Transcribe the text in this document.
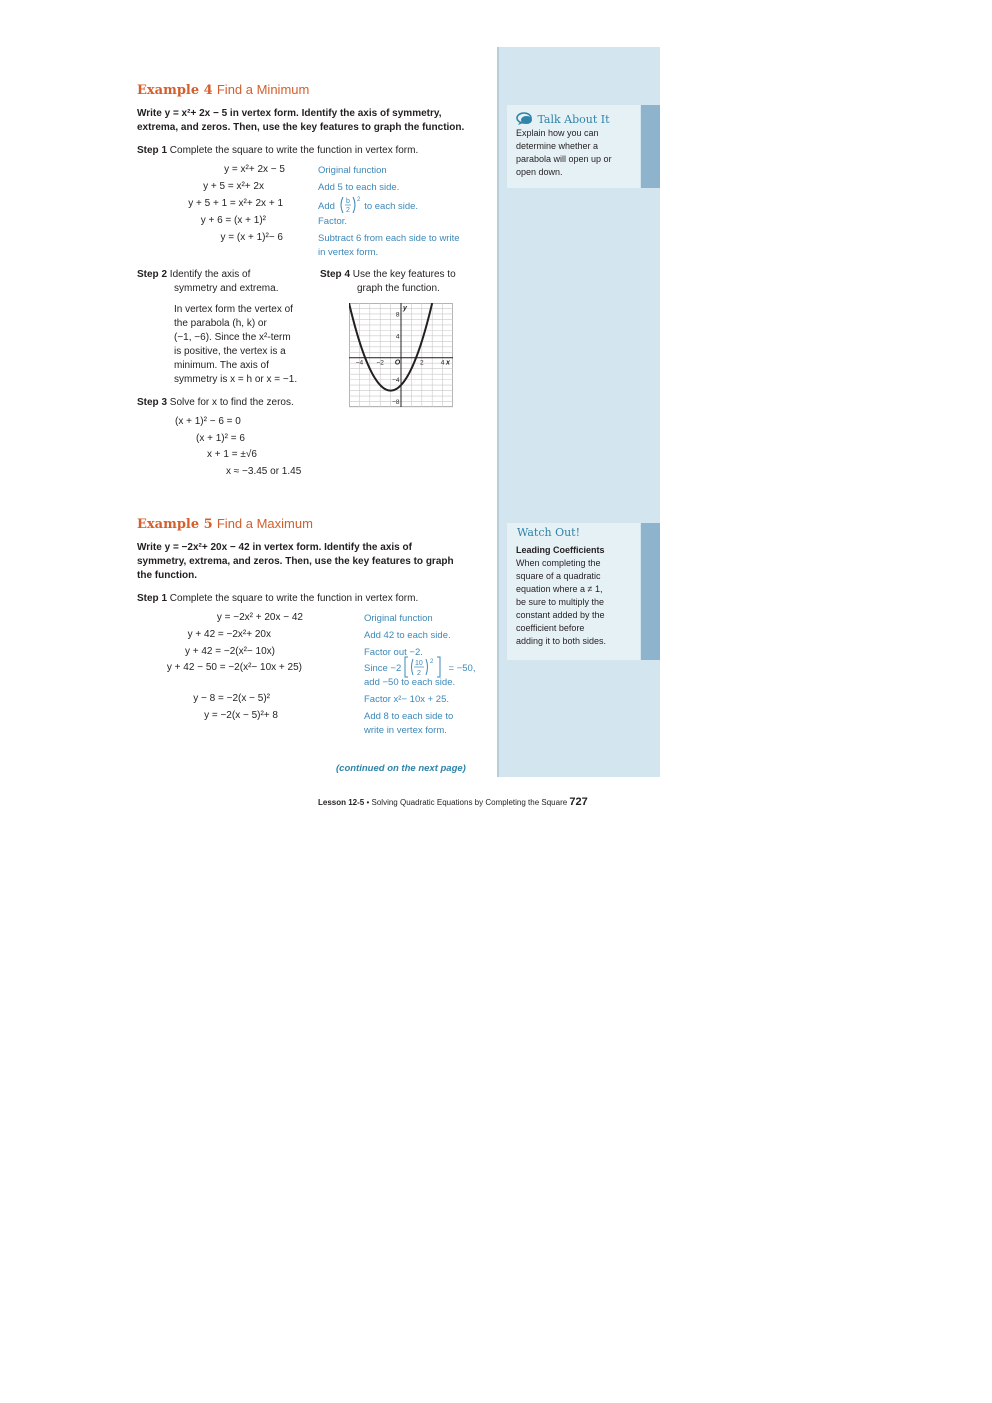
Talk About It
Explain how you can
determine whether a
parabola will open up or
open down.
Watch Out!
Leading Coefficients
When completing the
square of a quadratic
equation where a ≠ 1,
be sure to multiply the
constant added by the
coefficient before
adding it to both sides.
Example 4 Find a Minimum
Write y = x²+ 2x − 5 in vertex form. Identify the axis of symmetry,
extrema, and zeros. Then, use the key features to graph the function.
Step 1 Complete the square to write the function in vertex form.
y = x²+ 2x − 5
y + 5 = x²+ 2x
y + 5 + 1 = x²+ 2x + 1
y + 6 = (x + 1)²
y = (x + 1)²− 6
Original function
Add 5 to each side.
Add b
2
2
to each side.
Factor.
Subtract 6 from each side to write
in vertex form.
Step 2 Identify the axis of
symmetry and extrema.
In vertex form the vertex of
the parabola (h, k) or
(−1, −6). Since the x²-term
is positive, the vertex is a
minimum. The axis of
symmetry is x = h or x = −1.
Step 3 Solve for x to find the zeros.
(x + 1)² − 6 = 0
(x + 1)² = 6
x + 1 = ±√6
x ≈ −3.45 or 1.45
Step 4 Use the key features to
graph the function.
−4 −2 O	2	4
8
4
−4
−8
x
y
Example 5 Find a Maximum
Write y = −2x²+ 20x − 42 in vertex form. Identify the axis of
symmetry, extrema, and zeros. Then, use the key features to graph
the function.
Step 1 Complete the square to write the function in vertex form.
y = −2x² + 20x − 42
y + 42 = −2x²+ 20x
y + 42 = −2(x²− 10x)
y + 42 − 50 = −2(x²− 10x + 25)
y − 8 = −2(x − 5)²
y = −2(x − 5)²+ 8
Original function
Add 42 to each side.
Factor out −2.
Since −2 10
2
2
= −50,
add −50 to each side.
Factor x²− 10x + 25.
Add 8 to each side to
write in vertex form.
(continued on the next page)
Lesson 12-5 • Solving Quadratic Equations by Completing the Square 727
